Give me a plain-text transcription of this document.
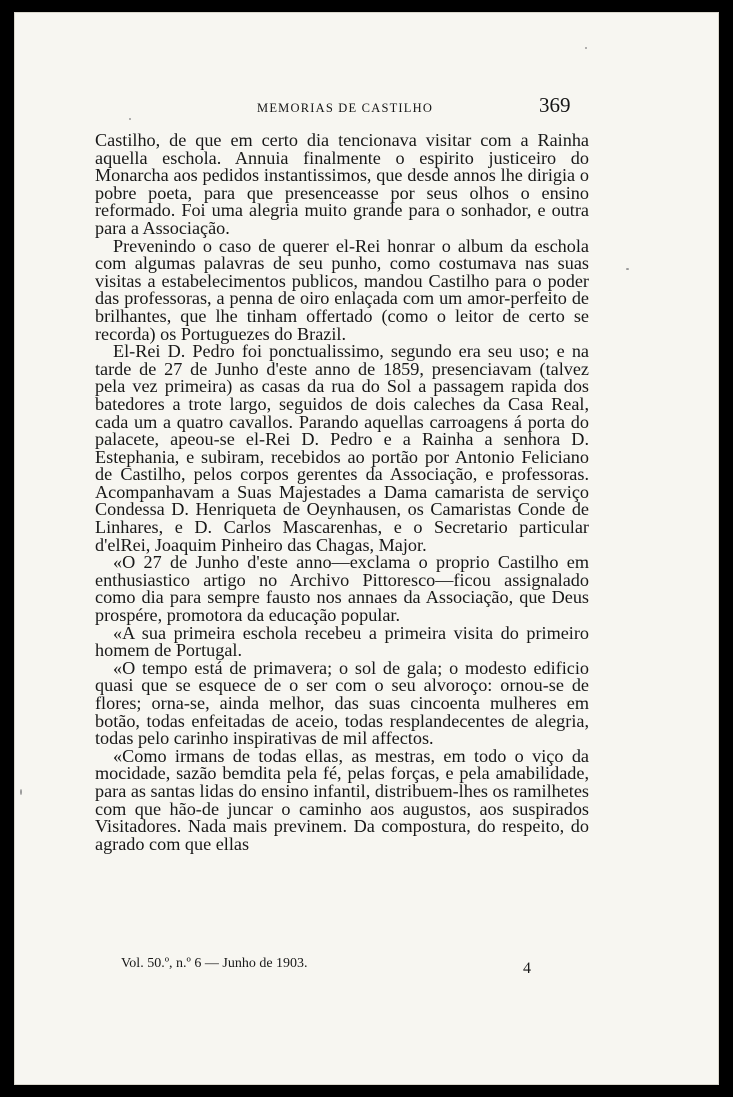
MEMORIAS DE CASTILHO	369

Castilho, de que em certo dia tencionava visitar com a Rainha aquella eschola. Annuia finalmente o espirito justiceiro do Monarcha aos pedidos instantissimos, que desde annos lhe dirigia o pobre poeta, para que presenceasse por seus olhos o ensino reformado. Foi uma alegria muito grande para o sonhador, e outra para a Associação.

Prevenindo o caso de querer el-Rei honrar o album da eschola com algumas palavras de seu punho, como costumava nas suas visitas a estabelecimentos publicos, mandou Castilho para o poder das professoras, a penna de oiro enlaçada com um amor-perfeito de brilhantes, que lhe tinham offertado (como o leitor de certo se recorda) os Portuguezes do Brazil.

El-Rei D. Pedro foi ponctualissimo, segundo era seu uso; e na tarde de 27 de Junho d'este anno de 1859, presenciavam (talvez pela vez primeira) as casas da rua do Sol a passagem rapida dos batedores a trote largo, seguidos de dois caleches da Casa Real, cada um a quatro cavallos. Parando aquellas carroagens á porta do palacete, apeou-se el-Rei D. Pedro e a Rainha a senhora D. Estephania, e subiram, recebidos ao portão por Antonio Feliciano de Castilho, pelos corpos gerentes da Associação, e professoras. Acompanhavam a Suas Majestades a Dama camarista de serviço Condessa D. Henriqueta de Oeynhausen, os Camaristas Conde de Linhares, e D. Carlos Mascarenhas, e o Secretario particular d'elRei, Joaquim Pinheiro das Chagas, Major.

«O 27 de Junho d'este anno—exclama o proprio Castilho em enthusiastico artigo no Archivo Pittoresco—ficou assignalado como dia para sempre fausto nos annaes da Associação, que Deus prospére, promotora da educação popular.

«A sua primeira eschola recebeu a primeira visita do primeiro homem de Portugal.

«O tempo está de primavera; o sol de gala; o modesto edificio quasi que se esquece de o ser com o seu alvoroço: ornou-se de flores; orna-se, ainda melhor, das suas cincoenta mulheres em botão, todas enfeitadas de aceio, todas resplandecentes de alegria, todas pelo carinho inspirativas de mil affectos.

«Como irmans de todas ellas, as mestras, em todo o viço da mocidade, sazão bemdita pela fé, pelas forças, e pela amabilidade, para as santas lidas do ensino infantil, distribuem-lhes os ramilhetes com que hão-de juncar o caminho aos augustos, aos suspirados Visitadores. Nada mais previnem. Da compostura, do respeito, do agrado com que ellas

Vol. 50.º, n.º 6 — Junho de 1903.	4
